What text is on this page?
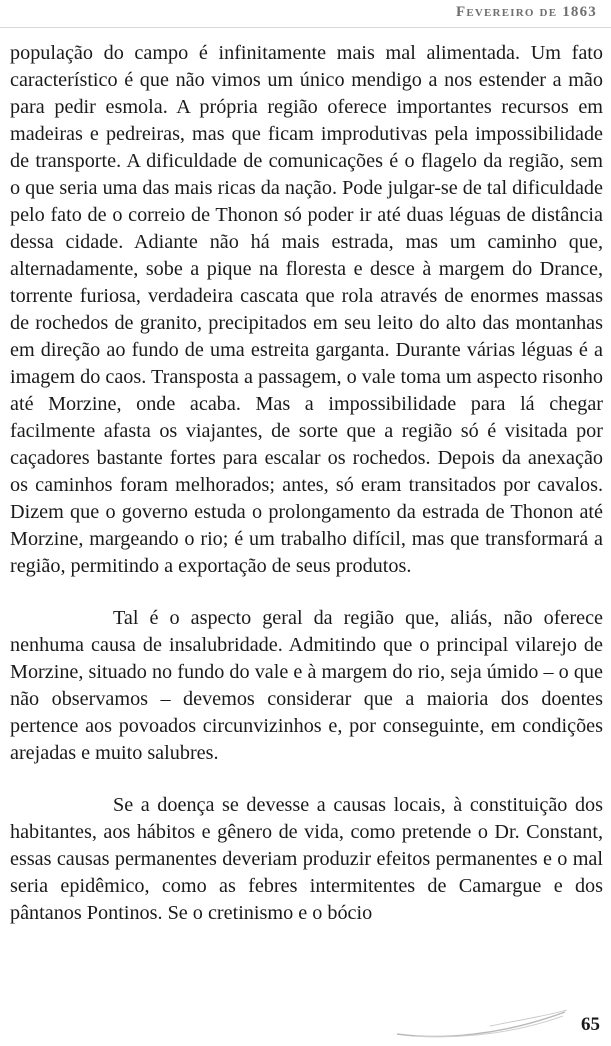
Fevereiro de 1863

população do campo é infinitamente mais mal alimentada. Um fato característico é que não vimos um único mendigo a nos estender a mão para pedir esmola. A própria região oferece importantes recursos em madeiras e pedreiras, mas que ficam improdutivas pela impossibilidade de transporte. A dificuldade de comunicações é o flagelo da região, sem o que seria uma das mais ricas da nação. Pode julgar-se de tal dificuldade pelo fato de o correio de Thonon só poder ir até duas léguas de distância dessa cidade. Adiante não há mais estrada, mas um caminho que, alternadamente, sobe a pique na floresta e desce à margem do Drance, torrente furiosa, verdadeira cascata que rola através de enormes massas de rochedos de granito, precipitados em seu leito do alto das montanhas em direção ao fundo de uma estreita garganta. Durante várias léguas é a imagem do caos. Transposta a passagem, o vale toma um aspecto risonho até Morzine, onde acaba. Mas a impossibilidade para lá chegar facilmente afasta os viajantes, de sorte que a região só é visitada por caçadores bastante fortes para escalar os rochedos. Depois da anexação os caminhos foram melhorados; antes, só eram transitados por cavalos. Dizem que o governo estuda o prolongamento da estrada de Thonon até Morzine, margeando o rio; é um trabalho difícil, mas que transformará a região, permitindo a exportação de seus produtos.

Tal é o aspecto geral da região que, aliás, não oferece nenhuma causa de insalubridade. Admitindo que o principal vilarejo de Morzine, situado no fundo do vale e à margem do rio, seja úmido – o que não observamos – devemos considerar que a maioria dos doentes pertence aos povoados circunvizinhos e, por conseguinte, em condições arejadas e muito salubres.

Se a doença se devesse a causas locais, à constituição dos habitantes, aos hábitos e gênero de vida, como pretende o Dr. Constant, essas causas permanentes deveriam produzir efeitos permanentes e o mal seria epidêmico, como as febres intermitentes de Camargue e dos pântanos Pontinos. Se o cretinismo e o bócio

65
